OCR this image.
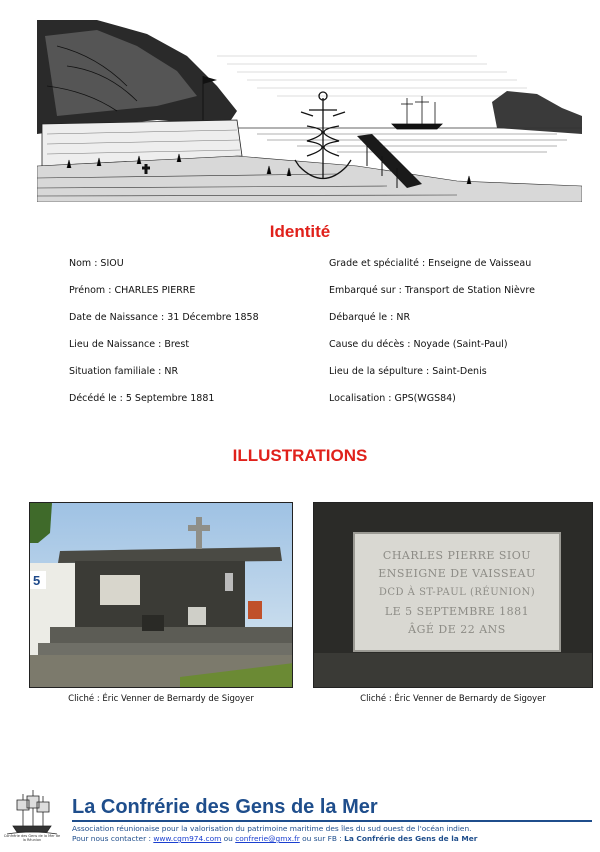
Identité
Nom : SIOU
Prénom : CHARLES PIERRE
Date de Naissance : 31 Décembre 1858
Lieu de Naissance : Brest
Situation familiale : NR
Décédé le : 5 Septembre 1881
Grade et spécialité : Enseigne de Vaisseau
Embarqué sur : Transport de Station Nièvre
Débarqué le : NR
Cause du décès : Noyade (Saint-Paul)
Lieu de la sépulture : Saint-Denis
Localisation : GPS(WGS84)
ILLUSTRATIONS
5
CHARLES PIERRE SIOU
ENSEIGNE DE VAISSEAU
DCD À ST-PAUL (RÉUNION)
LE 5 SEPTEMBRE 1881
ÂGÉ DE 22 ANS
Cliché : Éric Venner de Bernardy de Sigoyer	Cliché : Éric Venner de Bernardy de Sigoyer
Confrérie des Gens de la Mer de la Réunion
La Confrérie des Gens de la Mer
Association réunionaise pour la valorisation du patrimoine maritime des îles du sud ouest de l'océan indien.
Pour nous contacter : www.cgm974.com ou confrerie@gmx.fr ou sur FB : La Confrérie des Gens de la Mer
